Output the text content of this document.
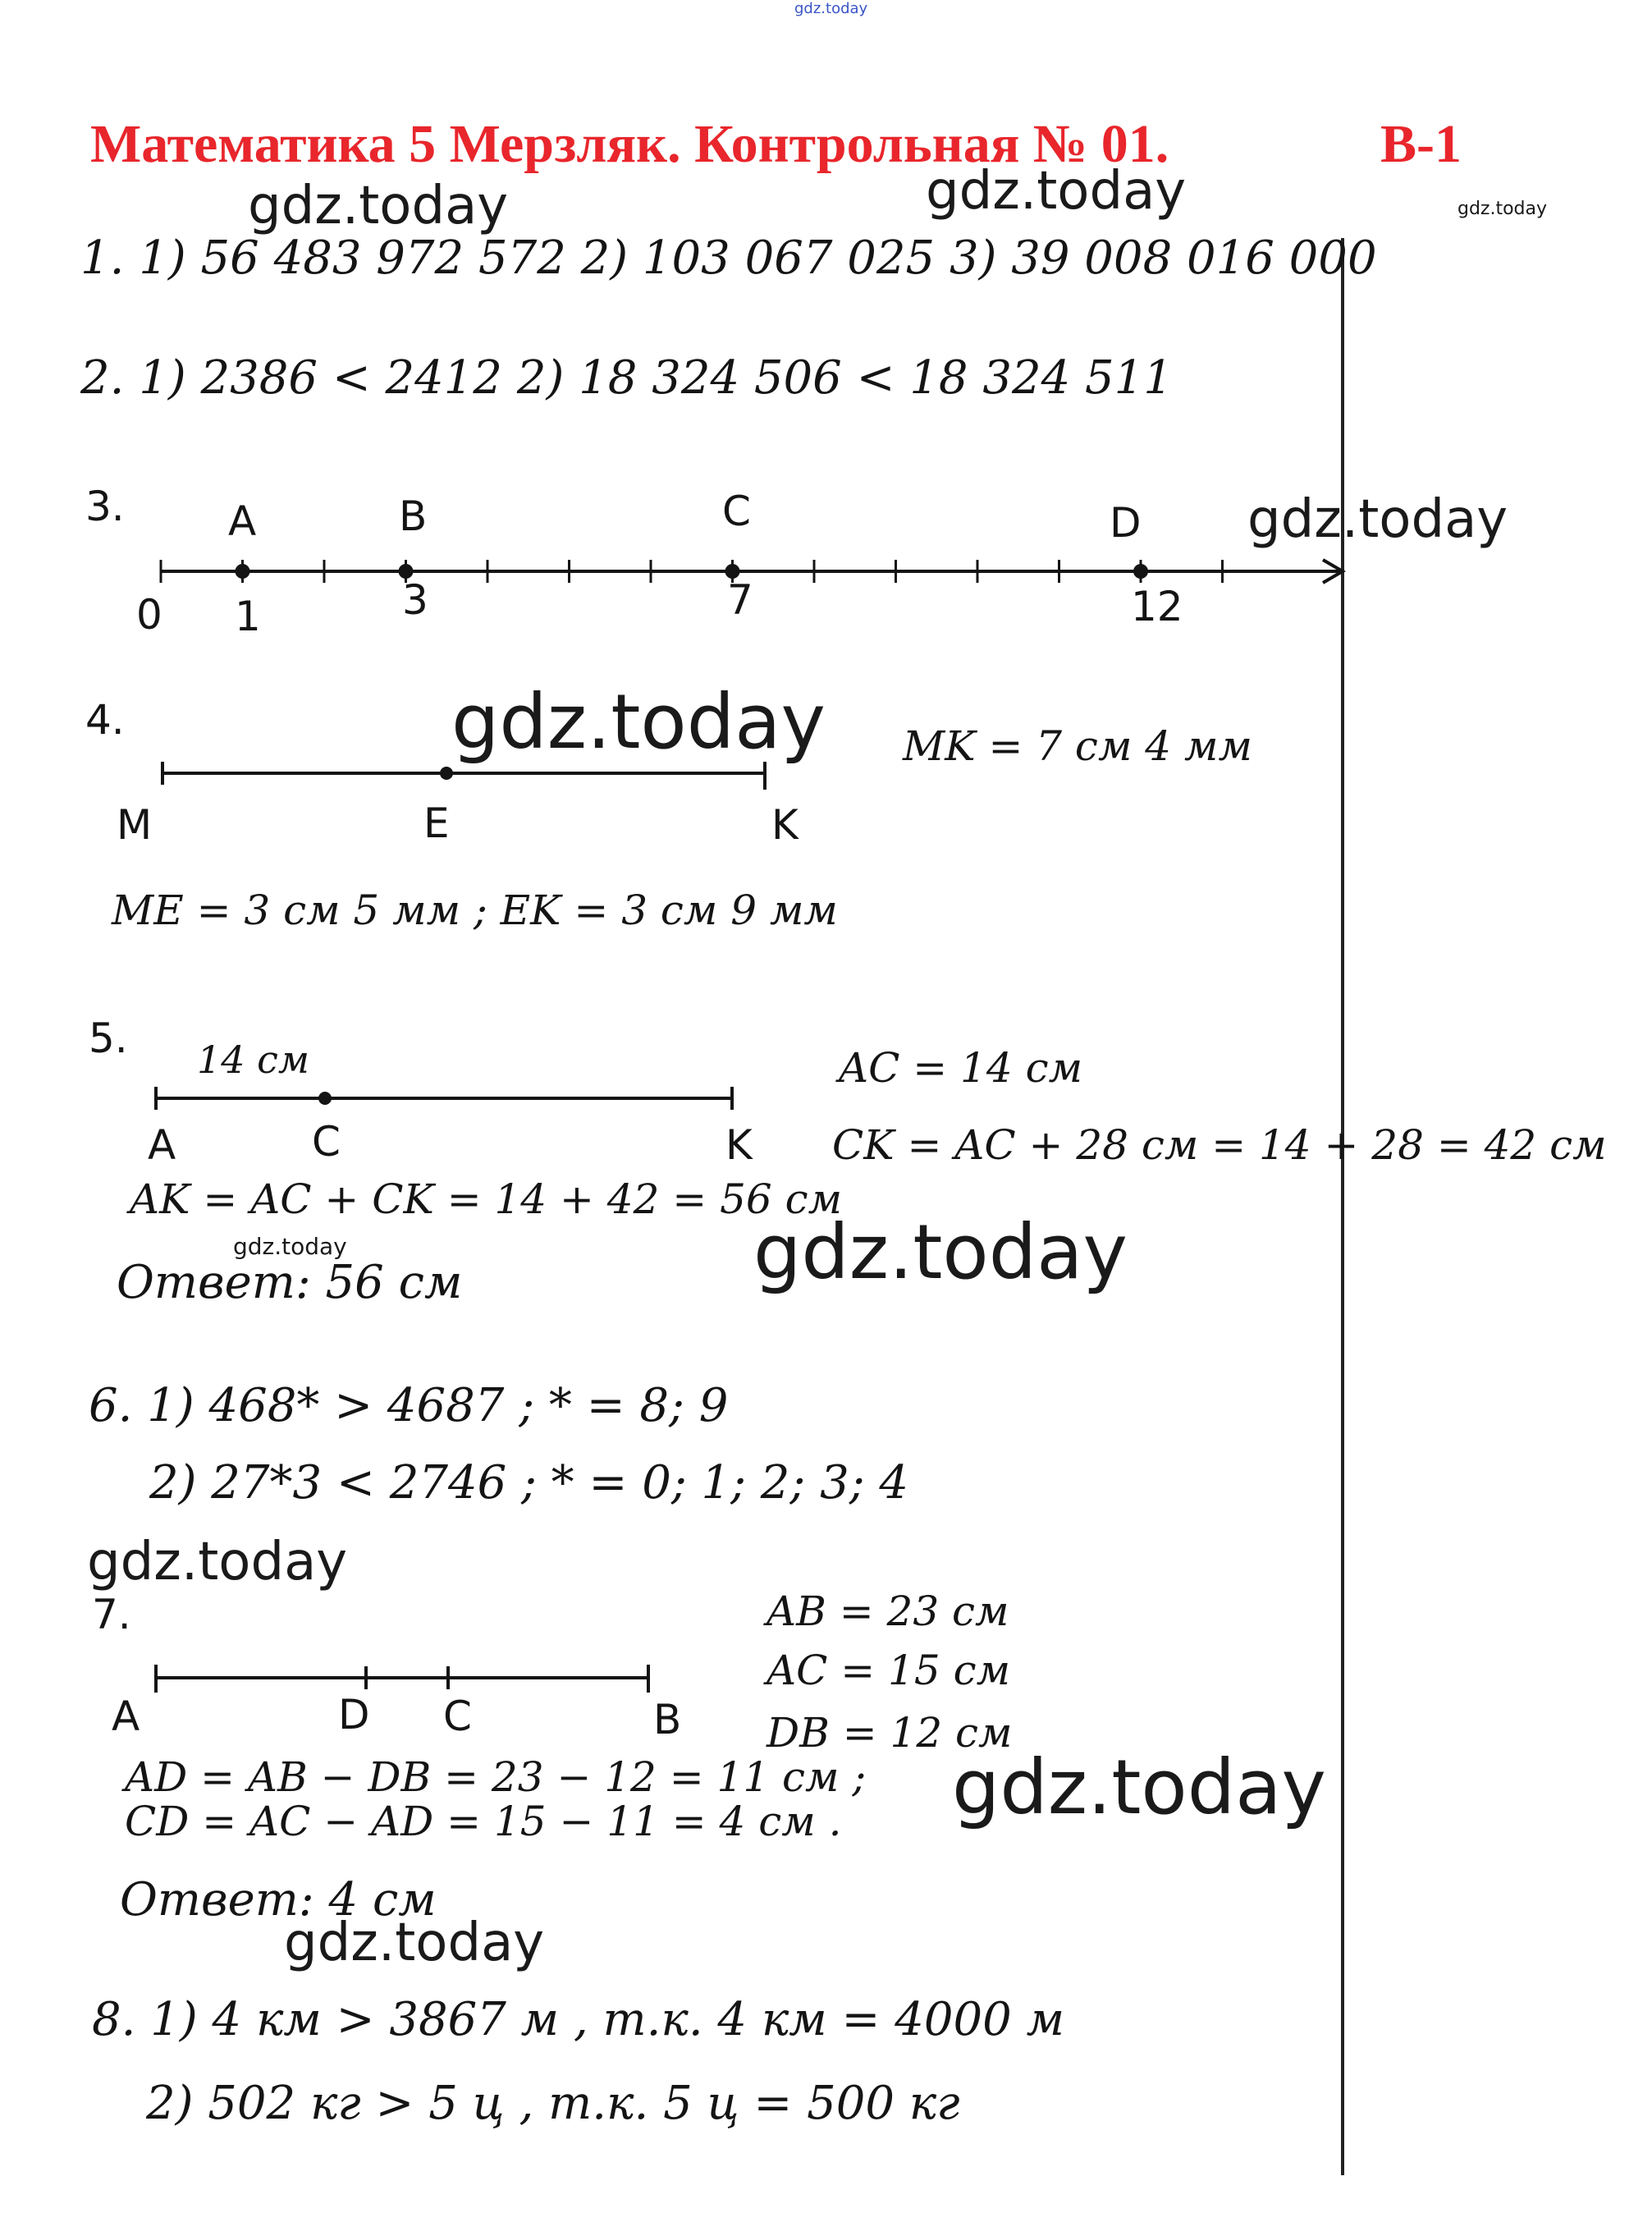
gdz.today
Математика 5 Мерзляк. Контрольная № 01.	В-1
1. 1) 56 483 972 572 2) 103 067 025 3) 39 008 016 000
2. 1) 2386 < 2412 2) 18 324 506 < 18 324 511
3.
0
A	B	C	D
1	3	7	12
4.
M	E	K
MK = 7 см 4 мм
ME = 3 см 5 мм ; EK = 3 см 9 мм
5. 14 см
A	C	K
AC = 14 см
CK = AC + 28 см = 14 + 28 = 42 см
AK = AC + CK = 14 + 42 = 56 см
Ответ: 56 см
6. 1) 468* > 4687 ; * = 8; 9
2) 27*3 < 2746 ; * = 0; 1; 2; 3; 4
7.
A	D C	B
AB = 23 см
AC = 15 см
DB = 12 см
AD = AB − DB = 23 − 12 = 11 см ;
CD = AC − AD = 15 − 11 = 4 см .
Ответ: 4 см
8. 1) 4 км > 3867 м , т.к. 4 км = 4000 м
2) 502 кг > 5 ц , т.к. 5 ц = 500 кг
gdz.today	gdz.today	gdz.today
gdz.today
gdz.today
gdz.today	gdz.today
gdz.today
gdz.today
gdz.today
